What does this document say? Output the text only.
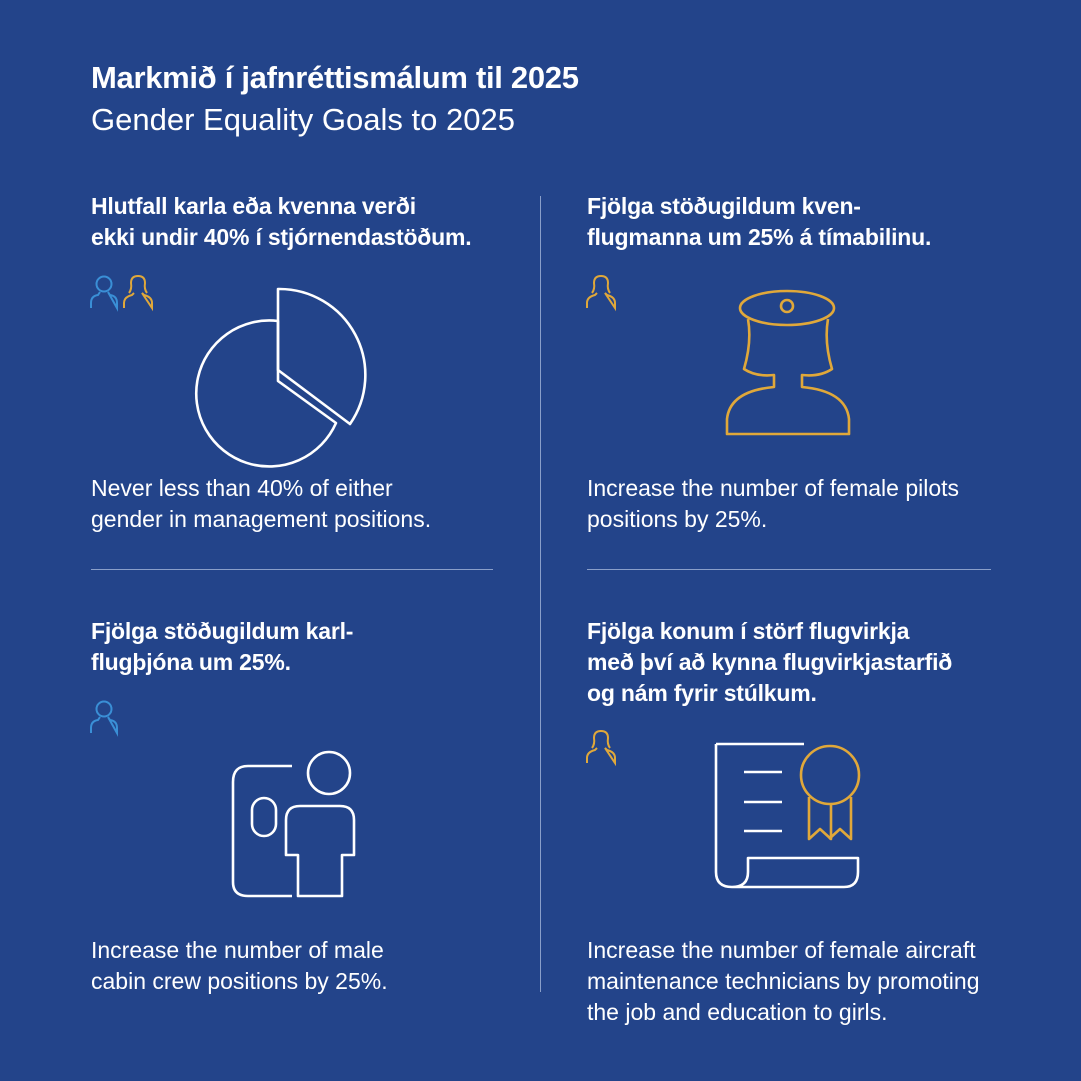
Markmið í jafnréttismálum til 2025
Gender Equality Goals to 2025

Hlutfall karla eða kvenna verði

ekki undir 40% í stjórnendastöðum.

Never less than 40% of either

gender in management positions.

Fjölga stöðugildum kven-

flugmanna um 25% á tímabilinu.

Increase the number of female pilots

positions by 25%.

Fjölga stöðugildum karl-

flugþjóna um 25%.

Increase the number of male

cabin crew positions by 25%.

Fjölga konum í störf flugvirkja

með því að kynna flugvirkjastarfið

og nám fyrir stúlkum.

Increase the number of female aircraft

maintenance technicians by promoting

the job and education to girls.
